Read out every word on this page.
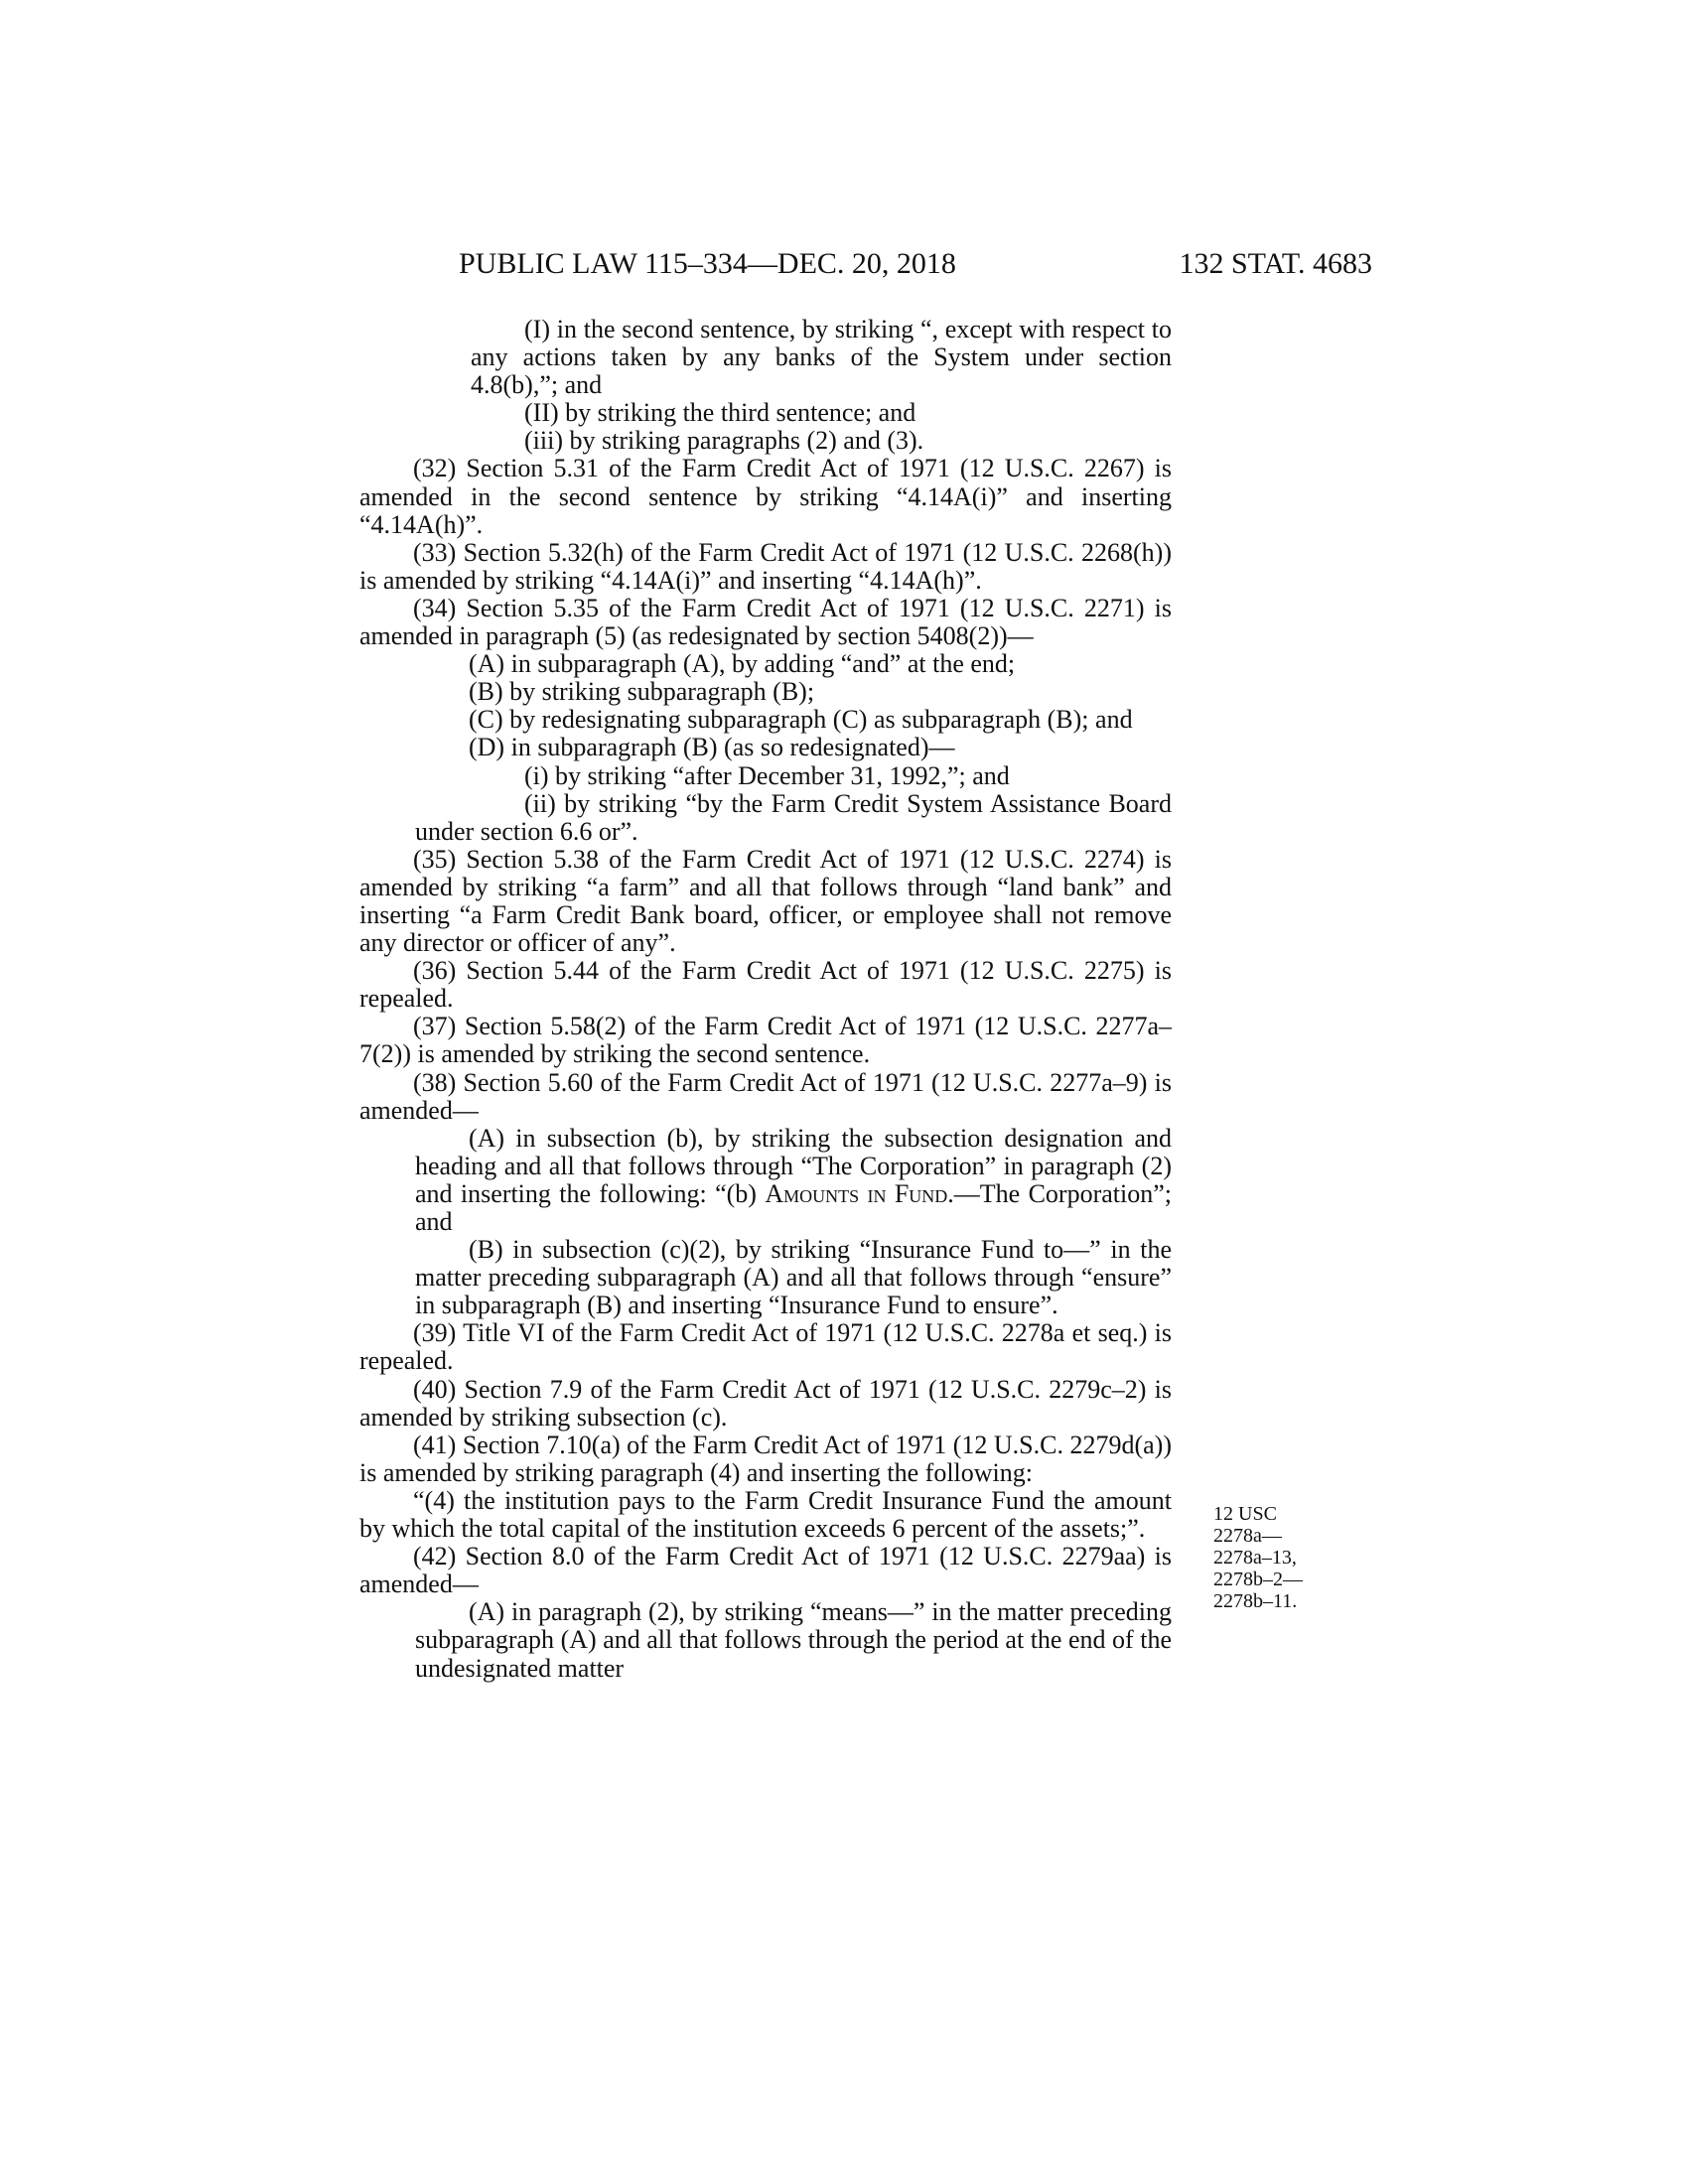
PUBLIC LAW 115–334—DEC. 20, 2018	132 STAT. 4683

(I) in the second sentence, by striking “, except with respect to any actions taken by any banks of the System under section 4.8(b),”; and

(II) by striking the third sentence; and

(iii) by striking paragraphs (2) and (3).

(32) Section 5.31 of the Farm Credit Act of 1971 (12 U.S.C. 2267) is amended in the second sentence by striking “4.14A(i)” and inserting “4.14A(h)”.

(33) Section 5.32(h) of the Farm Credit Act of 1971 (12 U.S.C. 2268(h)) is amended by striking “4.14A(i)” and inserting “4.14A(h)”.

(34) Section 5.35 of the Farm Credit Act of 1971 (12 U.S.C. 2271) is amended in paragraph (5) (as redesignated by section 5408(2))—

(A) in subparagraph (A), by adding “and” at the end;

(B) by striking subparagraph (B);

(C) by redesignating subparagraph (C) as subparagraph (B); and

(D) in subparagraph (B) (as so redesignated)—

(i) by striking “after December 31, 1992,”; and

(ii) by striking “by the Farm Credit System Assistance Board under section 6.6 or”.

(35) Section 5.38 of the Farm Credit Act of 1971 (12 U.S.C. 2274) is amended by striking “a farm” and all that follows through “land bank” and inserting “a Farm Credit Bank board, officer, or employee shall not remove any director or officer of any”.

(36) Section 5.44 of the Farm Credit Act of 1971 (12 U.S.C. 2275) is repealed.

(37) Section 5.58(2) of the Farm Credit Act of 1971 (12 U.S.C. 2277a–7(2)) is amended by striking the second sentence.

(38) Section 5.60 of the Farm Credit Act of 1971 (12 U.S.C. 2277a–9) is amended—

(A) in subsection (b), by striking the subsection designation and heading and all that follows through “The Corporation” in paragraph (2) and inserting the following: “(b) Amounts in Fund.—The Corporation”; and

(B) in subsection (c)(2), by striking “Insurance Fund to—” in the matter preceding subparagraph (A) and all that follows through “ensure” in subparagraph (B) and inserting “Insurance Fund to ensure”.

(39) Title VI of the Farm Credit Act of 1971 (12 U.S.C. 2278a et seq.) is repealed.

(40) Section 7.9 of the Farm Credit Act of 1971 (12 U.S.C. 2279c–2) is amended by striking subsection (c).

(41) Section 7.10(a) of the Farm Credit Act of 1971 (12 U.S.C. 2279d(a)) is amended by striking paragraph (4) and inserting the following:

“(4) the institution pays to the Farm Credit Insurance Fund the amount by which the total capital of the institution exceeds 6 percent of the assets;”.

(42) Section 8.0 of the Farm Credit Act of 1971 (12 U.S.C. 2279aa) is amended—

(A) in paragraph (2), by striking “means—” in the matter preceding subparagraph (A) and all that follows through the period at the end of the undesignated matter

12 USC
2278a—
2278a–13,
2278b–2—
2278b–11.
